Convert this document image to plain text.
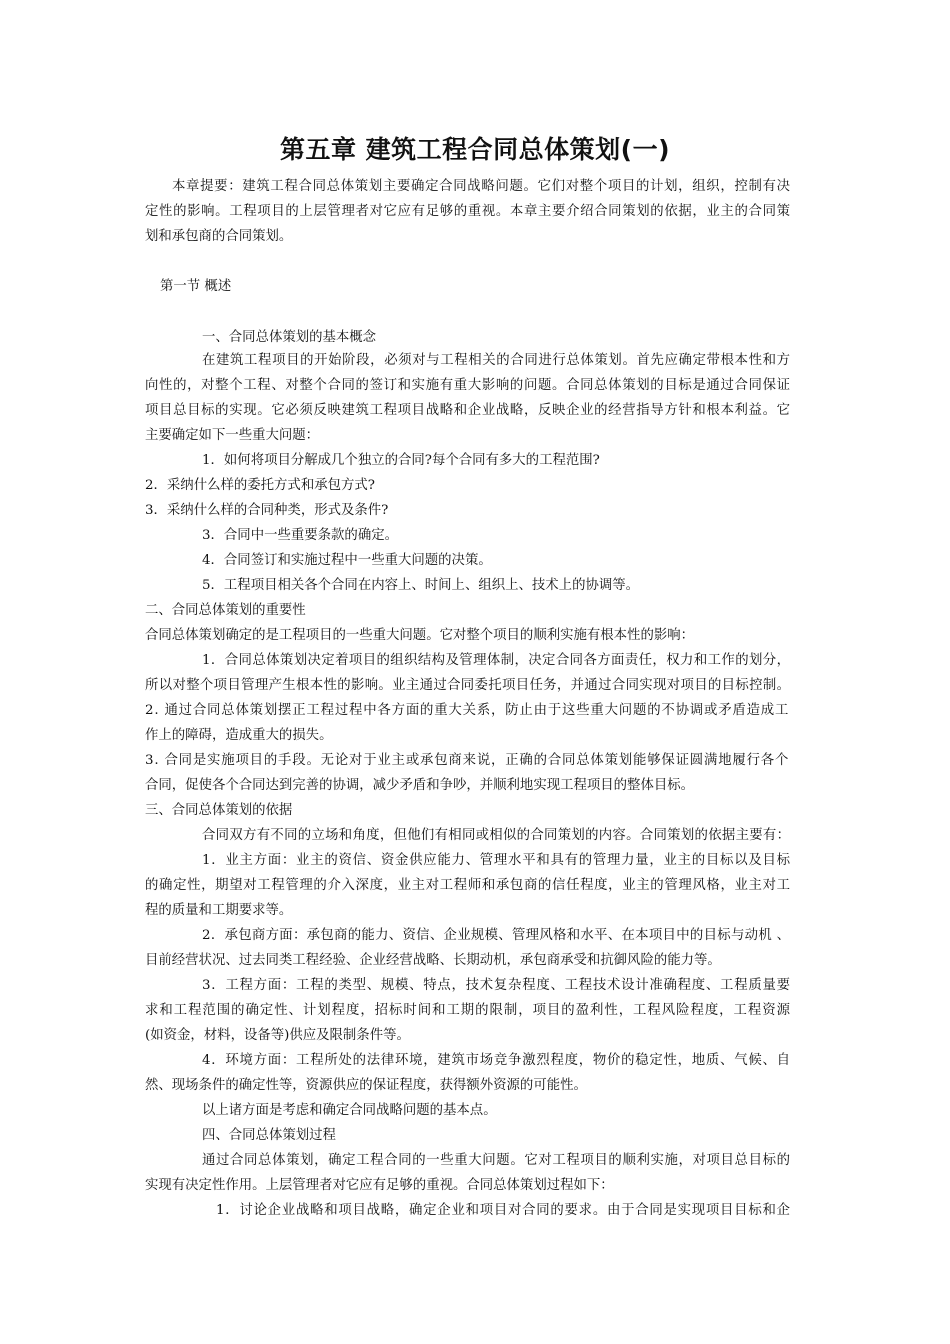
第五章 建筑工程合同总体策划(一)
本章提要：建筑工程合同总体策划主要确定合同战略问题。它们对整个项目的计划，组织，控制有决
定性的影响。工程项目的上层管理者对它应有足够的重视。本章主要介绍合同策划的依据，业主的合同策
划和承包商的合同策划。
第一节 概述
一、合同总体策划的基本概念
在建筑工程项目的开始阶段，必须对与工程相关的合同进行总体策划。首先应确定带根本性和方
向性的，对整个工程、对整个合同的签订和实施有重大影响的问题。合同总体策划的目标是通过合同保证
项目总目标的实现。它必须反映建筑工程项目战略和企业战略，反映企业的经营指导方针和根本利益。它
主要确定如下一些重大问题：
1．如何将项目分解成几个独立的合同?每个合同有多大的工程范围?
2．采纳什么样的委托方式和承包方式?
3．采纳什么样的合同种类，形式及条件?
3．合同中一些重要条款的确定。
4．合同签订和实施过程中一些重大问题的决策。
5．工程项目相关各个合同在内容上、时间上、组织上、技术上的协调等。
二、合同总体策划的重要性
合同总体策划确定的是工程项目的一些重大问题。它对整个项目的顺利实施有根本性的影响：
1．合同总体策划决定着项目的组织结构及管理体制，决定合同各方面责任，权力和工作的划分，
所以对整个项目管理产生根本性的影响。业主通过合同委托项目任务，并通过合同实现对项目的目标控制。
2. 通过合同总体策划摆正工程过程中各方面的重大关系，防止由于这些重大问题的不协调或矛盾造成工
作上的障碍，造成重大的损失。
3. 合同是实施项目的手段。无论对于业主或承包商来说，正确的合同总体策划能够保证圆满地履行各个
合同，促使各个合同达到完善的协调，减少矛盾和争吵，并顺利地实现工程项目的整体目标。
三、合同总体策划的依据
合同双方有不同的立场和角度，但他们有相同或相似的合同策划的内容。合同策划的依据主要有：
1．业主方面：业主的资信、资金供应能力、管理水平和具有的管理力量，业主的目标以及目标
的确定性，期望对工程管理的介入深度，业主对工程师和承包商的信任程度，业主的管理风格，业主对工
程的质量和工期要求等。
2．承包商方面：承包商的能力、资信、企业规模、管理风格和水平、在本项目中的目标与动机 、
目前经营状况、过去同类工程经验、企业经营战略、长期动机，承包商承受和抗御风险的能力等。
3．工程方面：工程的类型、规模、特点，技术复杂程度、工程技术设计准确程度、工程质量要
求和工程范围的确定性、计划程度，招标时间和工期的限制，项目的盈利性，工程风险程度，工程资源
(如资金，材料，设备等)供应及限制条件等。
4．环境方面：工程所处的法律环境，建筑市场竞争激烈程度，物价的稳定性，地质、气候、自
然、现场条件的确定性等，资源供应的保证程度，获得额外资源的可能性。
以上诸方面是考虑和确定合同战略问题的基本点。
四、合同总体策划过程
通过合同总体策划，确定工程合同的一些重大问题。它对工程项目的顺利实施，对项目总目标的
实现有决定性作用。上层管理者对它应有足够的重视。合同总体策划过程如下：
1．讨论企业战略和项目战略，确定企业和项目对合同的要求。由于合同是实现项目目标和企
